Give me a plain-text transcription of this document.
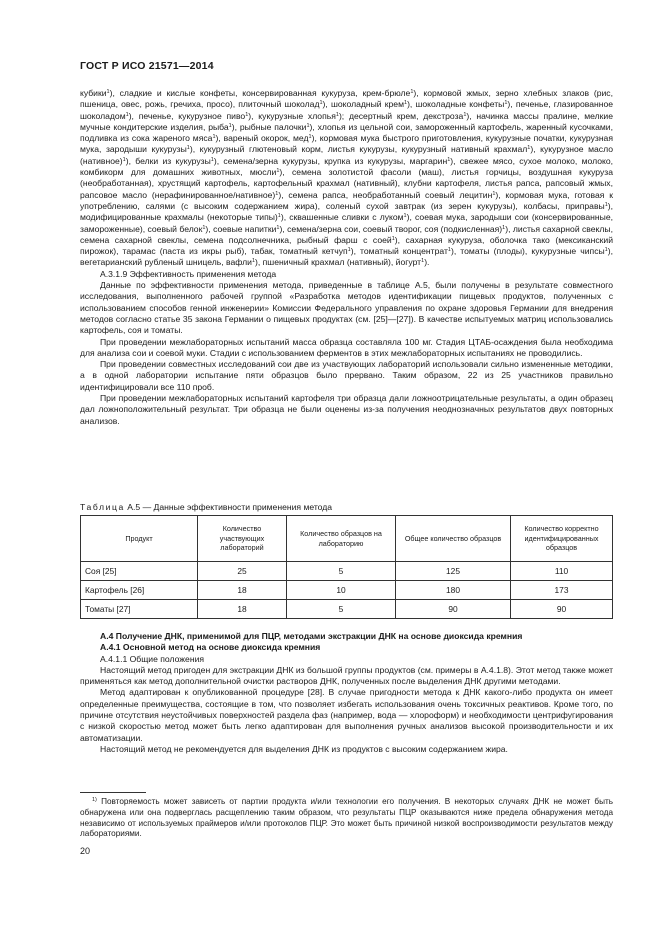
ГОСТ Р ИСО 21571—2014

кубики$^1$), сладкие и кислые конфеты, консервированная кукуруза, крем-брюле$^1$), кормовой жмых, зерно хлебных злаков (рис, пшеница, овес, рожь, гречиха, просо), плиточный шоколад$^1$), шоколадный крем$^1$), шоколадные конфеты$^1$), печенье, глазированное шоколадом$^1$), печенье, кукурузное пиво$^1$), кукурузные хлопья$^1$); десертный крем, декстроза$^1$), начинка массы пралине, мелкие мучные кондитерские изделия, рыба$^1$), рыбные палочки$^1$), хлопья из цельной сои, замороженный картофель, жаренный кусочками, подливка из сока жареного мяса$^1$), вареный окорок, мед$^1$), кормовая мука быстрого приготовления, кукурузные початки, кукурузная мука, зародыши кукурузы$^1$), кукурузный глютеновый корм, листья кукурузы, кукурузный нативный крахмал$^1$), кукурузное масло (нативное)$^1$), белки из кукурузы$^1$), семена/зерна кукурузы, крупка из кукурузы, маргарин$^1$), свежее мясо, сухое молоко, молоко, комбикорм для домашних животных, мюсли$^1$), семена золотистой фасоли (маш), листья горчицы, воздушная кукуруза (необработанная), хрустящий картофель, картофельный крахмал (нативный), клубни картофеля, листья рапса, рапсовый жмых, рапсовое масло (нерафинированное/нативное)$^1$), семена рапса, необработанный соевый лецитин$^1$), кормовая мука, готовая к употреблению, салями (с высоким содержанием жира), соленый сухой завтрак (из зерен кукурузы), колбасы, приправы$^1$), модифицированные крахмалы (некоторые типы)$^1$), сквашенные сливки с луком$^1$), соевая мука, зародыши сои (консервированные, замороженные), соевый белок$^1$), соевые напитки$^1$), семена/зерна сои, соевый творог, соя (подкисленная)$^1$), листья сахарной свеклы, семена сахарной свеклы, семена подсолнечника, рыбный фарш с соей$^1$), сахарная кукуруза, оболочка тако (мексиканский пирожок), тарамас (паста из икры рыб), табак, томатный кетчуп$^1$), томатный концентрат$^1$), томаты (плоды), кукурузные чипсы$^1$), вегетарианский рубленый шницель, вафли$^1$), пшеничный крахмал (нативный), йогурт$^1$).

А.3.1.9 Эффективность применения метода

Данные по эффективности применения метода, приведенные в таблице А.5, были получены в результате совместного исследования, выполненного рабочей группой «Разработка методов идентификации пищевых продуктов, полученных с использованием способов генной инженерии» Комиссии Федерального управления по охране здоровья Германии для внедрения методов согласно статье 35 закона Германии о пищевых продуктах (см. [25]—[27]). В качестве испытуемых матриц использовались картофель, соя и томаты.

При проведении межлабораторных испытаний масса образца составляла 100 мг. Стадия ЦТАБ-осаждения была необходима для анализа сои и соевой муки. Стадии с использованием ферментов в этих межлабораторных испытаниях не проводились.

При проведении совместных исследований сои две из участвующих лабораторий использовали сильно измененные методики, а в одной лаборатории испытание пяти образцов было прервано. Таким образом, 22 из 25 участников правильно идентифицировали все 110 проб.

При проведении межлабораторных испытаний картофеля три образца дали ложноотрицательные результаты, а один образец дал ложноположительный результат. Три образца не были оценены из-за получения неоднозначных результатов двух повторных анализов.

Таблица А.5 — Данные эффективности применения метода
Продукт	Количество участвующих лабораторий	Количество образцов на лабораторию	Общее количество образцов	Количество корректно идентифицированных образцов
Соя [25]	25	5	125	110
Картофель [26]	18	10	180	173
Томаты [27]	18	5	90	90

А.4 Получение ДНК, применимой для ПЦР, методами экстракции ДНК на основе диоксида кремния

А.4.1 Основной метод на основе диоксида кремния

А.4.1.1 Общие положения

Настоящий метод пригоден для экстракции ДНК из большой группы продуктов (см. примеры в А.4.1.8). Этот метод также может применяться как метод дополнительной очистки растворов ДНК, полученных после выделения ДНК другими методами.

Метод адаптирован к опубликованной процедуре [28]. В случае пригодности метода к ДНК какого-либо продукта он имеет определенные преимущества, состоящие в том, что позволяет избегать использования очень токсичных реактивов. Кроме того, по причине отсутствия неустойчивых поверхностей раздела фаз (например, вода — хлороформ) и необходимости центрифугирования с низкой скоростью метод может быть легко адаптирован для выполнения ручных анализов высокой производительности и их автоматизации.

Настоящий метод не рекомендуется для выделения ДНК из продуктов с высоким содержанием жира.

$^{1)}$ Повторяемость может зависеть от партии продукта и/или технологии его получения. В некоторых случаях ДНК не может быть обнаружена или она подверглась расщеплению таким образом, что результаты ПЦР оказываются ниже предела обнаружения метода независимо от используемых праймеров и/или протоколов ПЦР. Это может быть причиной низкой воспроизводимости результатов между лабораториями.

20
